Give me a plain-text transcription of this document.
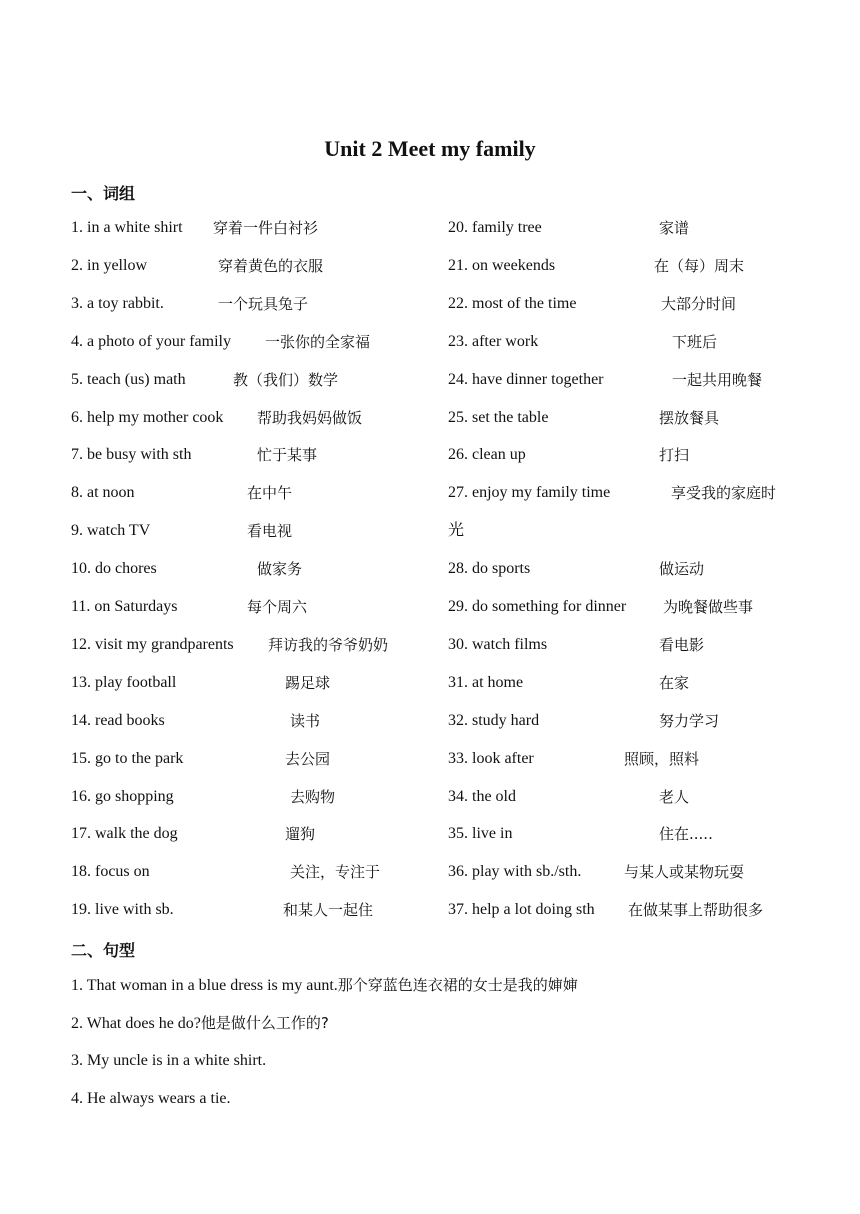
Unit 2 Meet my family
一、词组
1. in a white shirt 穿着一件白衬衫
2. in yellow	穿着黄色的衣服
3. a toy rabbit.	一个玩具兔子
4. a photo of your family 一张你的全家福
5. teach (us) math	教（我们）数学
6. help my mother cook 帮助我妈妈做饭
7. be busy with sth	忙于某事
8. at noon	在中午
9. watch TV	看电视
10. do chores	做家务
11. on Saturdays	每个周六
12. visit my grandparents 拜访我的爷爷奶奶
13. play football	踢足球
14. read books	读书
15. go to the park	去公园
16. go shopping	去购物
17. walk the dog	遛狗
18. focus on	关注，专注于
19. live with sb.	和某人一起住
20. family tree	家谱
21. on weekends	在（每）周末
22. most of the time	大部分时间
23. after work	下班后
24. have dinner together	一起共用晚餐
25. set the table	摆放餐具
26. clean up	打扫
27. enjoy my family time	享受我的家庭时
光
28. do sports	做运动
29. do something for dinner 为晚餐做些事
30. watch films	看电影
31. at home	在家
32. study hard	努力学习
33. look after	照顾，照料
34. the old	老人
35. live in	住在.....
36. play with sb./sth.	与某人或某物玩耍
37. help a lot doing sth 在做某事上帮助很多
二、句型
1. That woman in a blue dress is my aunt.那个穿蓝色连衣裙的女士是我的婶婶
2. What does he do?他是做什么工作的?
3. My uncle is in a white shirt.
4. He always wears a tie.
